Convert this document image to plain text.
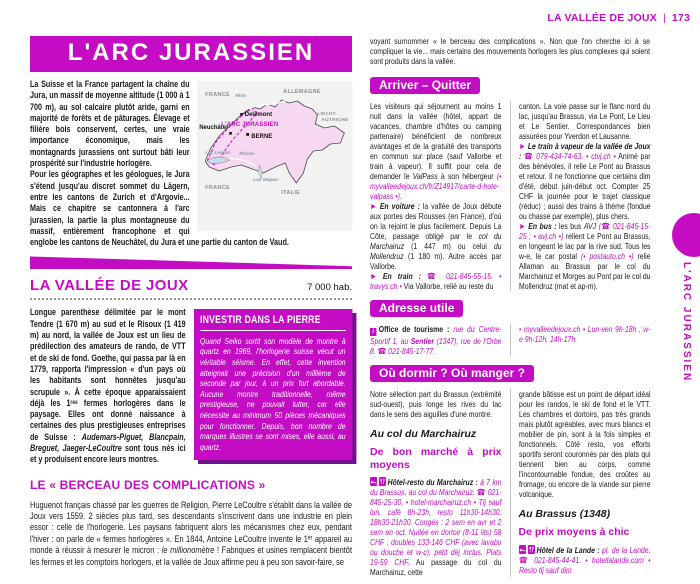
LA VALLÉE DE JOUX | 173
L'ARC JURASSIEN
FRANCE
ALLEMAGNE
Rhin
Delémont
Neuchâtel
L'ARC JURASSIEN
BERNE
LIECHT.
AUTRICHE
Lac Léman Rhône
Lac Majeur
FRANCE
ITALIE

La Suisse et la France partagent la chaîne du Jura, un massif de moyenne altitude (1 000 à 1 700 m), au sol calcaire plutôt aride, garni en majorité de forêts et de pâturages. Élevage et filière bois conservent, certes, une vraie importance économique, mais les montagnards jurassiens ont surtout bâti leur prospérité sur l'industrie horlogère.

Pour les géographes et les géologues, le Jura s'étend jusqu'au discret sommet du Lägern, entre les cantons de Zurich et d'Argovie... Mais ce chapitre se cantonnera à l'arc jurassien, la partie la plus montagneuse du massif, entièrement francophone et qui englobe les cantons de Neuchâtel, du Jura et une partie du canton de Vaud.

LA VALLÉE DE JOUX	7 000 hab.
INVESTIR DANS LA PIERRE
Quand Seiko sortit son modèle de montre à quartz en 1969, l'horlogerie suisse vécut un véritable séisme. En effet, cette invention atteignait une précision d'un millième de seconde par jour, à un prix fort abordable. Aucune montre traditionnelle, même prestigieuse, ne pouvait lutter, car elle nécessite au minimum 50 pièces mécaniques pour fonctionner. Depuis, bon nombre de marques illustres se sont mises, elle aussi, au quartz.

Longue parenthèse délimitée par le mont Tendre (1 670 m) au sud et le Risoux (1 419 m) au nord, la vallée de Joux est un lieu de prédilection des amateurs de rando, de VTT et de ski de fond. Goethe, qui passa par là en 1779, rapporta l'impression « d'un pays où les habitants sont honnêtes jusqu'au scrupule ». À cette époque apparaissaient déjà les 1ʳᵉˢ fermes horlogères dans le paysage. Elles ont donné naissance à certaines des plus prestigieuses entreprises de Suisse : Audemars-Piguet, Blancpain, Breguet, Jaeger-LeCoultre sont tous nés ici et y produisent encore leurs montres.

LE « BERCEAU DES COMPLICATIONS »

Huguenot français chassé par les guerres de Religion, Pierre LeCoultre s'établit dans la vallée de Joux vers 1559. 2 siècles plus tard, ses descendants s'inscrivent dans une industrie en plein essor : celle de l'horlogerie. Les paysans fabriquent alors les mécanismes chez eux, pendant l'hiver : on parle de « fermes horlogères ». En 1844, Antoine LeCoultre invente le 1ᵉʳ appareil au monde à réussir à mesurer le micron : le millionomètre ! Fabriques et usines remplacent bientôt les fermes et les comptoirs horlogers, et la vallée de Joux affirme peu à peu son savoir-faire, se

voyant surnommer « le berceau des complications ». Non que l'on cherche ici à se compliquer la vie... mais certains des mouvements horlogers les plus complexes qui soient sont produits dans la vallée.

Arriver – Quitter

Les visiteurs qui séjournent au moins 1 nuit dans la vallée (hôtel, appart de vacances, chambre d'hôtes ou camping partenaire) bénéficient de nombreux avantages et de la gratuité des transports en commun sur place (sauf Vallorbe et train à vapeur). Il suffit pour cela de demander le ValPass à son hébergeur (• myvalleedejoux.ch/fr/Z14917/carte-d-hote-valpass •).

► En voiture : la vallée de Joux débute aux portes des Rousses (en France), d'où on la rejoint le plus facilement. Depuis La Côte, passage obligé par le col du Marchairuz (1 447 m) ou celui du Mollendruz (1 180 m). Autre accès par Vallorbe.

► En train : ☎ 021-845-55-15. • travys.ch • Via Vallorbe, relié au reste du

canton. La voie passe sur le flanc nord du lac, jusqu'au Brassus, via Le Pont, Le Lieu et Le Sentier. Correspondances bien assurées pour Yverdon et Lausanne.

► Le train à vapeur de la vallée de Joux : ☎ 079-434-74-63. • ctvj.ch • Animé par des bénévoles, il relie Le Pont au Brassus et retour. Il ne fonctionne que certains dim d'été, début juin-début oct. Compter 25 CHF la journée pour le trajet classique (réduc) ; aussi des trains à thème (fondue ou chasse par exemple), plus chers.

► En bus : les bus AVJ (☎ 021-845-15-25 ; • avj.ch •) relient Le Pont au Brassus, en longeant le lac par la rive sud. Tous les w-e, le car postal (• postauto.ch •) relie Allaman au Brassus par le col du Marchairuz et Morges au Pont par le col du Mollendruz (mat et ap-m).

Adresse utile

i Office de tourisme : rue du Centre-Sportif 1, au Sentier (1347), rue de l'Orbe 8. ☎ 021-845-17-77.

• myvalleedejoux.ch • Lun-ven 9h-18h ; w-e 9h-12h, 14h-17h.

Où dormir ? Où manger ?

Notre sélection part du Brassus (extrémité sud-ouest), puis longe les rives du lac dans le sens des aiguilles d'une montre.

Au col du Marchairuz
De bon marché à prix moyens

Hôtel-resto du Marchairuz : à 7 km du Brassus, au col du Marchairuz. ☎ 021-845-25-30, • hotel-marchairuz.ch • Tlj sauf lun, café 8h-23h, resto 11h30-14h30, 18h30-21h30. Congés : 2 sem en avr et 2 sem en oct. Nuitée en dortoir (8-11 lits) 58 CHF ; doubles 133-146 CHF (avec lavabo ou douche et w-c), petit déj inclus. Plats 19-59 CHF. Au passage du col du Marchairuz, cette

grande bâtisse est un point de départ idéal pour les randos, le ski de fond et le VTT. Les chambres et dortoirs, pas très grands mais plutôt agréables, avec murs blancs et mobilier de pin, sont à la fois simples et fonctionnels. Côté resto, vos efforts sportifs seront couronnés par des plats qui tiennent bien au corps, comme l'incontournable fondue, des croûtes au fromage, ou encore de la viande sur pierre volcanique.

Au Brassus (1348)
De prix moyens à chic

Hôtel de la Lande : pl. de la Lande. ☎ 021-845-44-41. • hotellalande.com • Resto tlj sauf dim

L'ARC JURASSIEN
